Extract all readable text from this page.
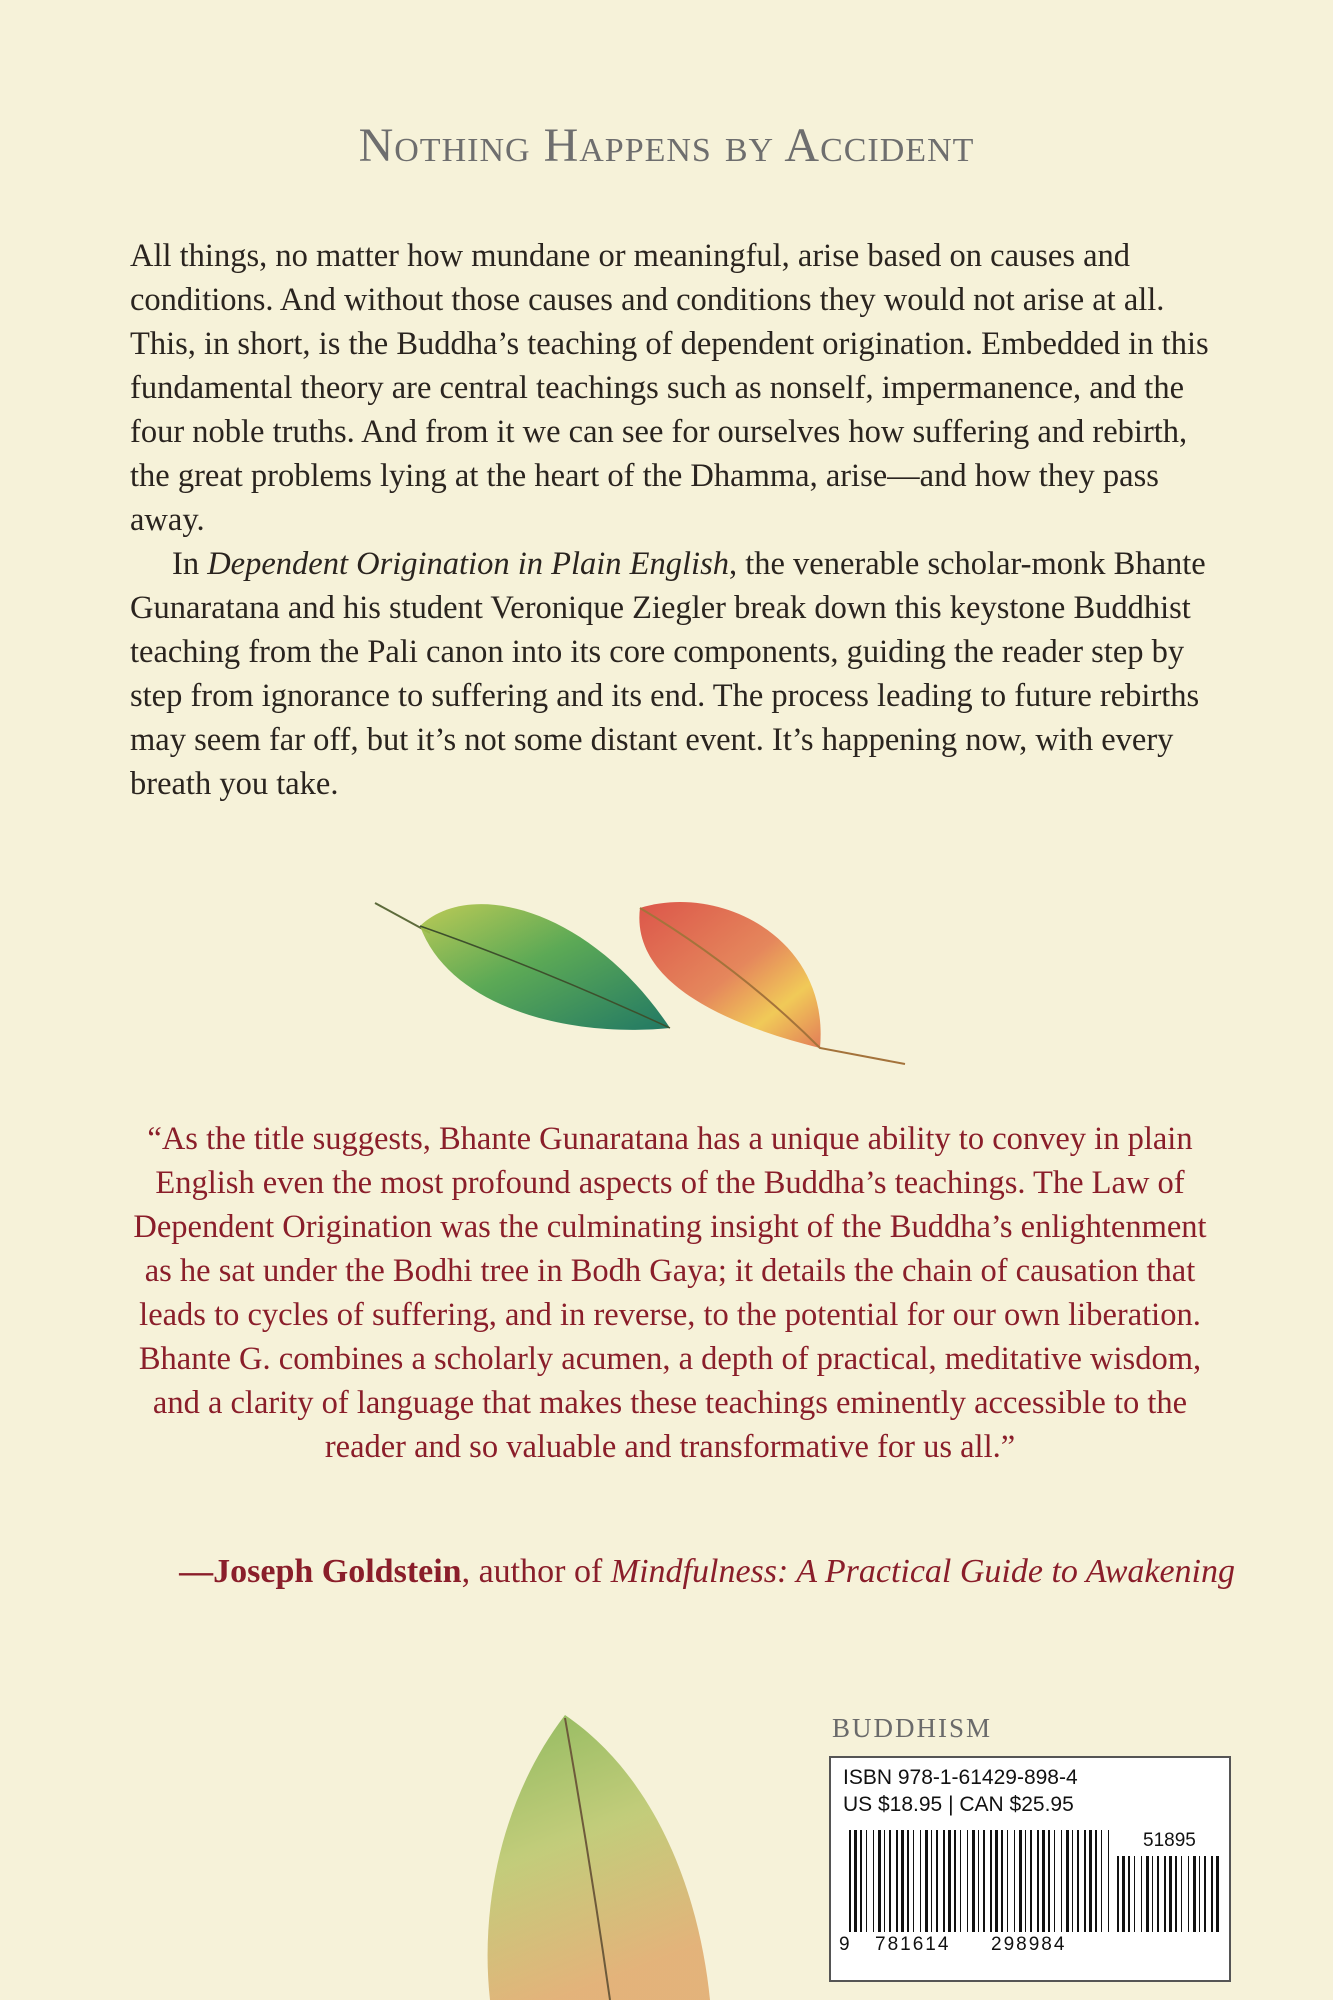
Nothing Happens by Accident

All things, no matter how mundane or meaningful, arise based on causes and conditions. And without those causes and conditions they would not arise at all. This, in short, is the Buddha’s teaching of dependent origination. Embedded in this fundamental theory are central teachings such as nonself, impermanence, and the four noble truths. And from it we can see for ourselves how suffering and rebirth, the great problems lying at the heart of the Dhamma, arise—and how they pass away.

In Dependent Origination in Plain English, the venerable scholar-monk Bhante Gunaratana and his student Veronique Ziegler break down this keystone Buddhist teaching from the Pali canon into its core components, guiding the reader step by step from ignorance to suffering and its end. The process leading to future rebirths may seem far off, but it’s not some distant event. It’s happening now, with every breath you take.

“As the title suggests, Bhante Gunaratana has a unique ability to convey in plain English even the most profound aspects of the Buddha’s teachings. The Law of Dependent Origination was the culminating insight of the Buddha’s enlightenment as he sat under the Bodhi tree in Bodh Gaya; it details the chain of causation that leads to cycles of suffering, and in reverse, to the potential for our own liberation. Bhante G. combines a scholarly acumen, a depth of practical, meditative wisdom, and a clarity of language that makes these teachings eminently accessible to the reader and so valuable and transformative for us all.”
—Joseph Goldstein, author of Mindfulness: A Practical Guide to Awakening
BUDDHISM
ISBN 978-1-61429-898-4
US $18.95 | CAN $25.95
51895
9 781614 298984
